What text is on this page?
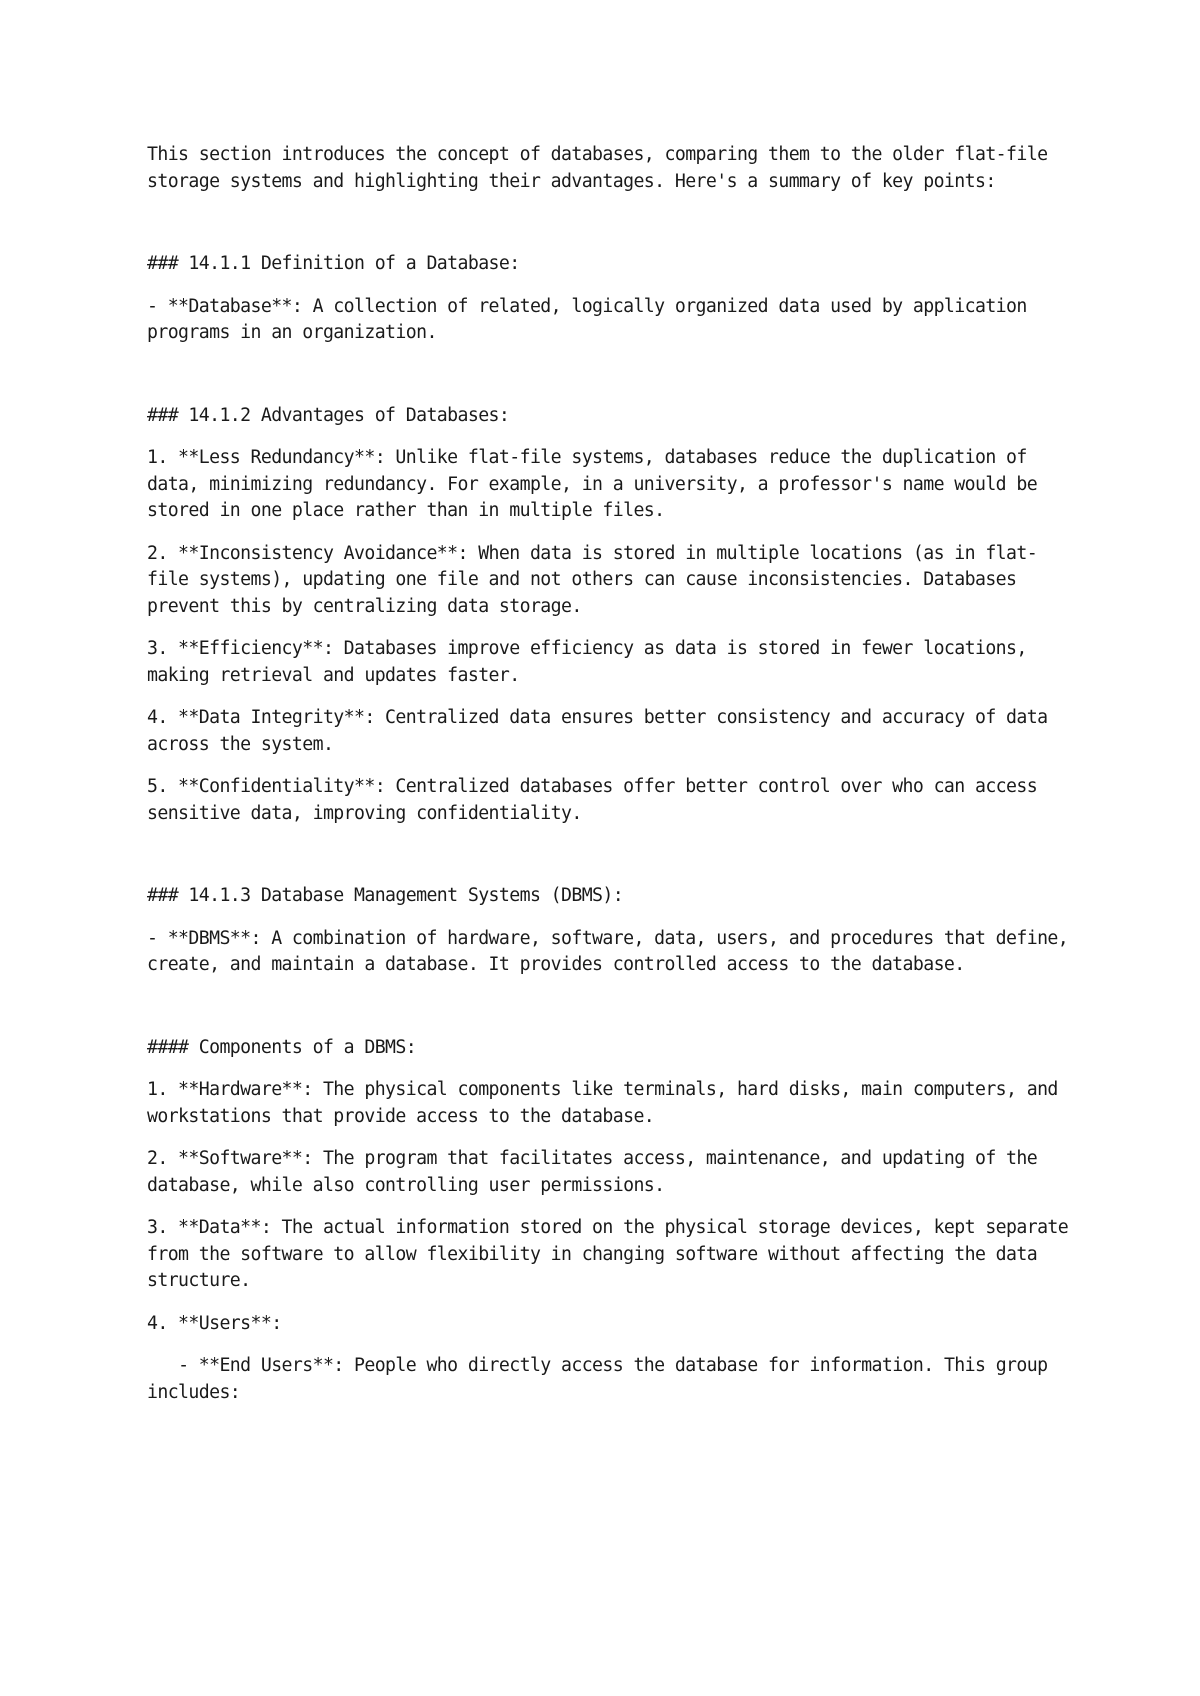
This section introduces the concept of databases, comparing them to the older flat-file storage systems and highlighting their advantages. Here's a summary of key points:

### 14.1.1 Definition of a Database:

- **Database**: A collection of related, logically organized data used by application programs in an organization.

### 14.1.2 Advantages of Databases:

1. **Less Redundancy**: Unlike flat-file systems, databases reduce the duplication of data, minimizing redundancy. For example, in a university, a professor's name would be stored in one place rather than in multiple files.

2. **Inconsistency Avoidance**: When data is stored in multiple locations (as in flat-file systems), updating one file and not others can cause inconsistencies. Databases prevent this by centralizing data storage.

3. **Efficiency**: Databases improve efficiency as data is stored in fewer locations, making retrieval and updates faster.

4. **Data Integrity**: Centralized data ensures better consistency and accuracy of data across the system.

5. **Confidentiality**: Centralized databases offer better control over who can access sensitive data, improving confidentiality.

### 14.1.3 Database Management Systems (DBMS):

- **DBMS**: A combination of hardware, software, data, users, and procedures that define, create, and maintain a database. It provides controlled access to the database.

#### Components of a DBMS:

1. **Hardware**: The physical components like terminals, hard disks, main computers, and workstations that provide access to the database.

2. **Software**: The program that facilitates access, maintenance, and updating of the database, while also controlling user permissions.

3. **Data**: The actual information stored on the physical storage devices, kept separate from the software to allow flexibility in changing software without affecting the data structure.

4. **Users**:

- **End Users**: People who directly access the database for information. This group includes:
